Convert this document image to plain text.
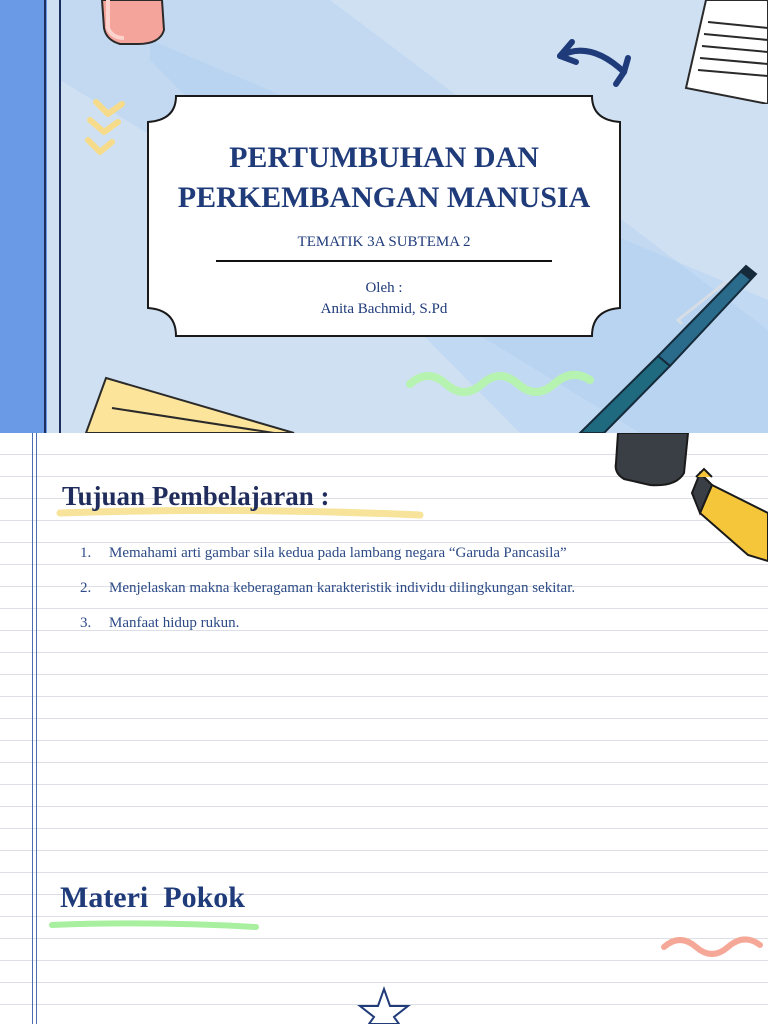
PERTUMBUHAN DAN
PERKEMBANGAN MANUSIA
TEMATIK 3A SUBTEMA 2
Oleh :
Anita Bachmid, S.Pd
Tujuan Pembelajaran :
1.	Memahami arti gambar sila kedua pada lambang negara “Garuda Pancasila”
2.	Menjelaskan makna keberagaman karakteristik individu dilingkungan sekitar.
3.	Manfaat hidup rukun.
Materi  Pokok
